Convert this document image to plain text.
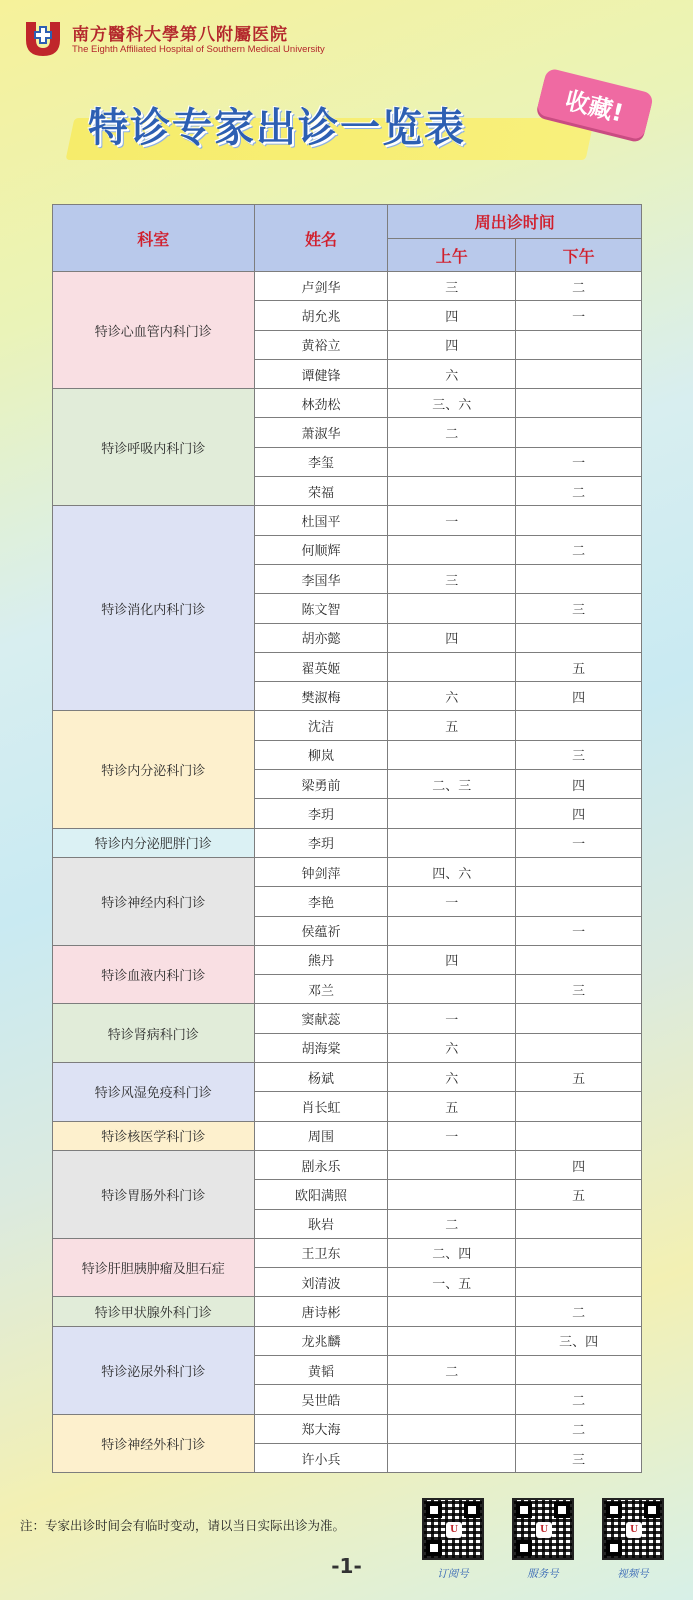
南方醫科大學第八附屬医院
The Eighth Affiliated Hospital of Southern Medical University
特诊专家出诊一览表	收藏!
科室	姓名	周出诊时间	
		上午	下午
特诊心血管内科门诊	卢剑华	三	二
	胡允兆	四	一
	黄裕立	四	
	谭健锋	六	
特诊呼吸内科门诊	林劲松	三、六	
	萧淑华	二	
	李玺		一
	荣福		二
特诊消化内科门诊	杜国平	一	
	何顺辉		二
	李国华	三	
	陈文智		三
	胡亦懿	四	
	翟英姬		五
	樊淑梅	六	四
特诊内分泌科门诊	沈洁	五	
	柳岚		三
	梁勇前	二、三	四
	李玥		四
特诊内分泌肥胖门诊	李玥		一
特诊神经内科门诊	钟剑萍	四、六	
	李艳	一	
	侯蕴祈		一
特诊血液内科门诊	熊丹	四	
	邓兰		三
特诊肾病科门诊	窦献蕊	一	
	胡海棠	六	
特诊风湿免疫科门诊	杨斌	六	五
	肖长虹	五	
特诊核医学科门诊	周围	一	
特诊胃肠外科门诊	剧永乐		四
	欧阳满照		五
	耿岩	二	
特诊肝胆胰肿瘤及胆石症	王卫东	二、四	
	刘清波	一、五	
特诊甲状腺外科门诊	唐诗彬		二
特诊泌尿外科门诊	龙兆麟		三、四
	黄韬	二	
	吴世皓		二
特诊神经外科门诊	郑大海		二
	许小兵		三
注：专家出诊时间会有临时变动，请以当日实际出诊为准。
-1-
U
订阅号
U
服务号
U
视频号
